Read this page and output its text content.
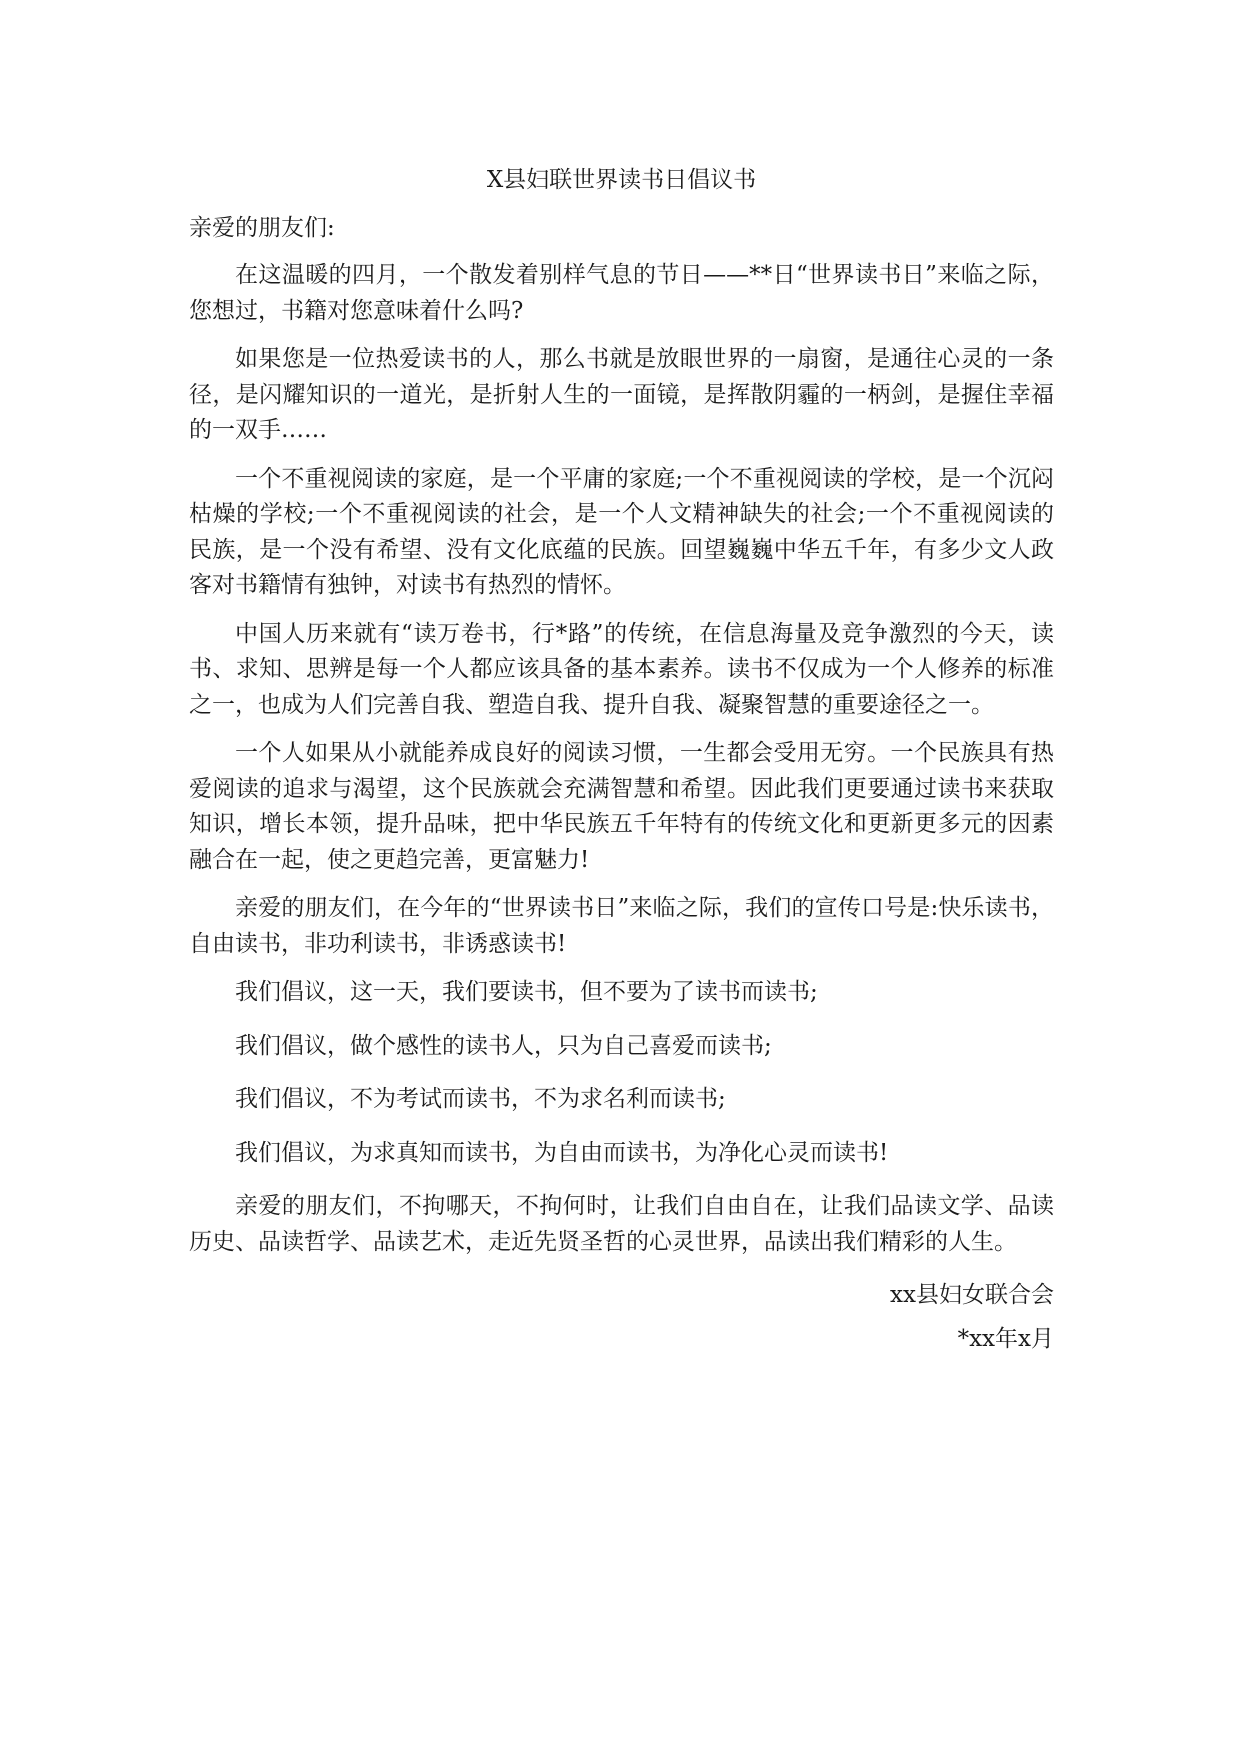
X县妇联世界读书日倡议书

亲爱的朋友们:

在这温暖的四月，一个散发着别样气息的节日——**日“世界读书日”来临之际，您想过，书籍对您意味着什么吗?

如果您是一位热爱读书的人，那么书就是放眼世界的一扇窗，是通往心灵的一条径，是闪耀知识的一道光，是折射人生的一面镜，是挥散阴霾的一柄剑，是握住幸福的一双手……

一个不重视阅读的家庭，是一个平庸的家庭;一个不重视阅读的学校，是一个沉闷枯燥的学校;一个不重视阅读的社会，是一个人文精神缺失的社会;一个不重视阅读的民族，是一个没有希望、没有文化底蕴的民族。回望巍巍中华五千年，有多少文人政客对书籍情有独钟，对读书有热烈的情怀。

中国人历来就有“读万卷书，行*路”的传统，在信息海量及竞争激烈的今天，读书、求知、思辨是每一个人都应该具备的基本素养。读书不仅成为一个人修养的标准之一，也成为人们完善自我、塑造自我、提升自我、凝聚智慧的重要途径之一。

一个人如果从小就能养成良好的阅读习惯，一生都会受用无穷。一个民族具有热爱阅读的追求与渴望，这个民族就会充满智慧和希望。因此我们更要通过读书来获取知识，增长本领，提升品味，把中华民族五千年特有的传统文化和更新更多元的因素融合在一起，使之更趋完善，更富魅力!

亲爱的朋友们，在今年的“世界读书日”来临之际，我们的宣传口号是:快乐读书，自由读书，非功利读书，非诱惑读书!

我们倡议，这一天，我们要读书，但不要为了读书而读书;

我们倡议，做个感性的读书人，只为自己喜爱而读书;

我们倡议，不为考试而读书，不为求名利而读书;

我们倡议，为求真知而读书，为自由而读书，为净化心灵而读书!

亲爱的朋友们，不拘哪天，不拘何时，让我们自由自在，让我们品读文学、品读历史、品读哲学、品读艺术，走近先贤圣哲的心灵世界，品读出我们精彩的人生。

xx县妇女联合会

*xx年x月
